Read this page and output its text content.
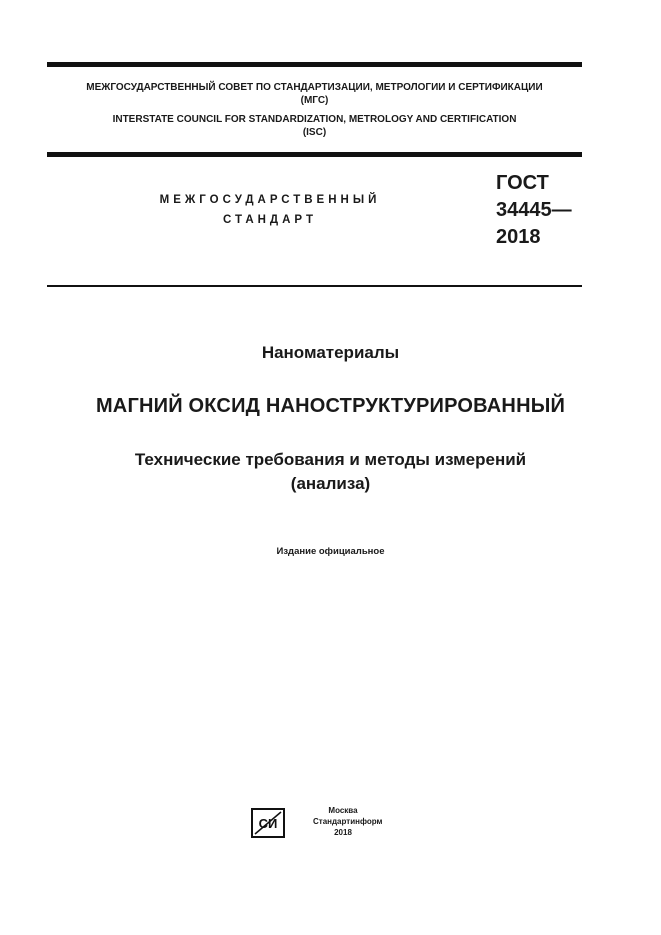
МЕЖГОСУДАРСТВЕННЫЙ СОВЕТ ПО СТАНДАРТИЗАЦИИ, МЕТРОЛОГИИ И СЕРТИФИКАЦИИ
(МГС)
INTERSTATE COUNCIL FOR STANDARDIZATION, METROLOGY AND CERTIFICATION
(ISC)
МЕЖГОСУДАРСТВЕННЫЙ
СТАНДАРТ
ГОСТ
34445—
2018
Наноматериалы
МАГНИЙ ОКСИД НАНОСТРУКТУРИРОВАННЫЙ
Технические требования и методы измерений
(анализа)
Издание официальное
СИ
Москва
Стандартинформ
2018
